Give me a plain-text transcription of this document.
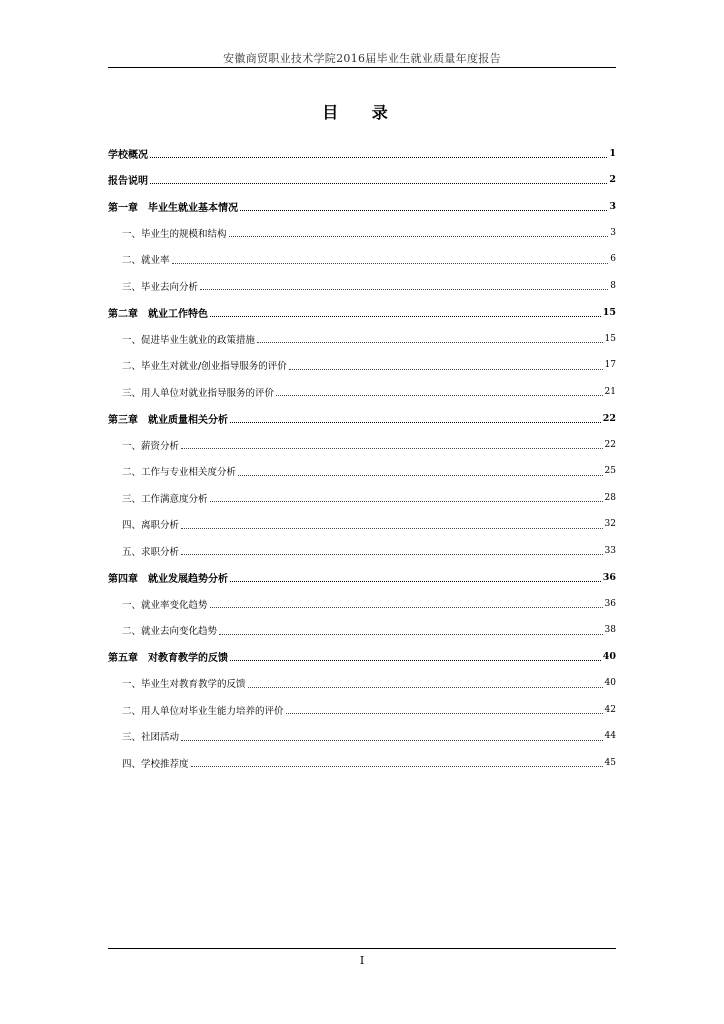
安徽商贸职业技术学院2016届毕业生就业质量年度报告
目 录
学校概况	1
报告说明	2
第一章　毕业生就业基本情况	3
一、毕业生的规模和结构	3
二、就业率	6
三、毕业去向分析	8
第二章　就业工作特色	15
一、促进毕业生就业的政策措施	15
二、毕业生对就业/创业指导服务的评价	17
三、用人单位对就业指导服务的评价	21
第三章　就业质量相关分析	22
一、薪资分析	22
二、工作与专业相关度分析	25
三、工作满意度分析	28
四、离职分析	32
五、求职分析	33
第四章　就业发展趋势分析	36
一、就业率变化趋势	36
二、就业去向变化趋势	38
第五章　对教育教学的反馈	40
一、毕业生对教育教学的反馈	40
二、用人单位对毕业生能力培养的评价	42
三、社团活动	44
四、学校推荐度	45
I
